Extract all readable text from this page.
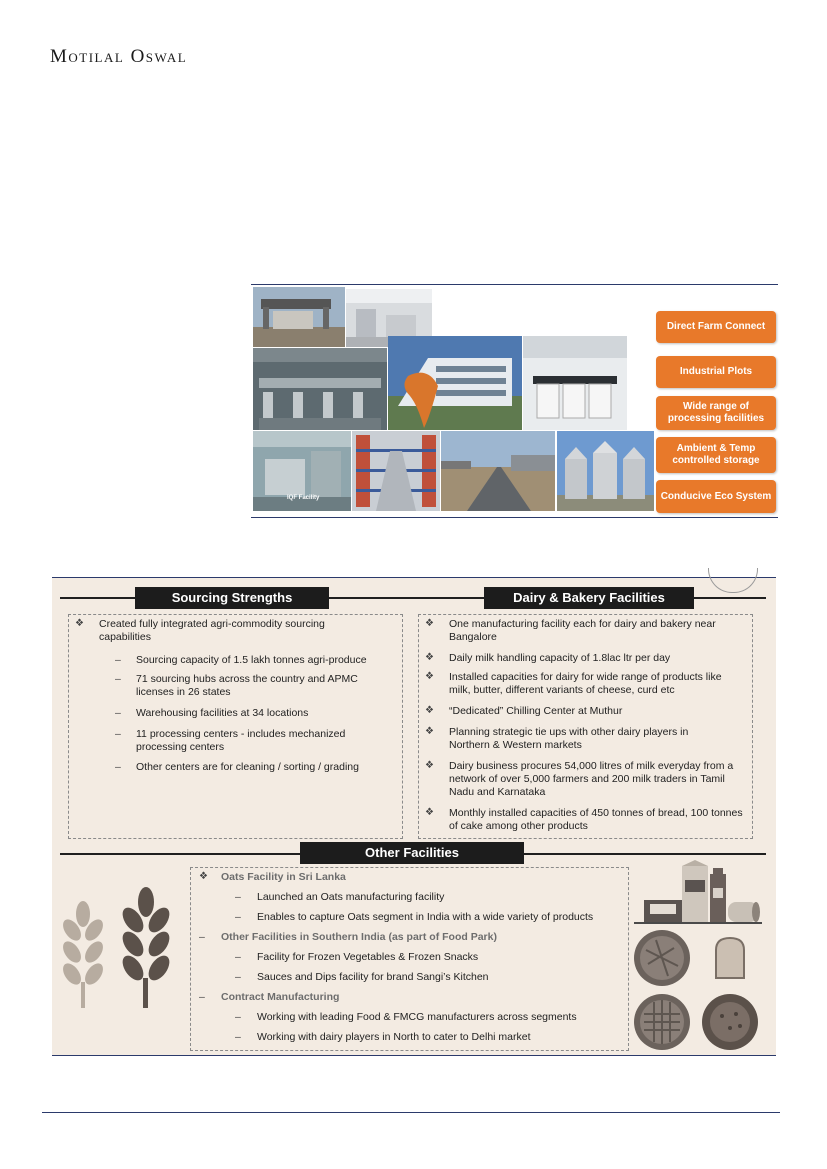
Motilal Oswal
IQF Facility
Direct Farm Connect
Industrial Plots
Wide range of processing facilities
Ambient & Temp controlled storage
Conducive Eco System
Sourcing Strengths	Dairy & Bakery Facilities
❖ Created fully integrated agri-commodity sourcing capabilities
– Sourcing capacity of 1.5 lakh tonnes agri-produce
– 71 sourcing hubs across the country and APMC licenses in 26 states
– Warehousing facilities at 34 locations
– 11 processing centers - includes mechanized processing centers
– Other centers are for cleaning / sorting / grading
❖ One manufacturing facility each for dairy and bakery near Bangalore
❖ Daily milk handling capacity of 1.8lac ltr per day
❖ Installed capacities for dairy for wide range of products like milk, butter, different variants of cheese, curd etc
❖ “Dedicated” Chilling Center at Muthur
❖ Planning strategic tie ups with other dairy players in Northern & Western markets
❖ Dairy business procures 54,000 litres of milk everyday from a network of over 5,000 farmers and 200 milk traders in Tamil Nadu and Karnataka
❖ Monthly installed capacities of 450 tonnes of bread, 100 tonnes of cake among other products
Other Facilities
❖ Oats Facility in Sri Lanka
– Launched an Oats manufacturing facility
– Enables to capture Oats segment in India with a wide variety of products
– Other Facilities in Southern India (as part of Food Park)
– Facility for Frozen Vegetables & Frozen Snacks
– Sauces and Dips facility for brand Sangi’s Kitchen
– Contract Manufacturing
– Working with leading Food & FMCG manufacturers across segments
– Working with dairy players in North to cater to Delhi market
